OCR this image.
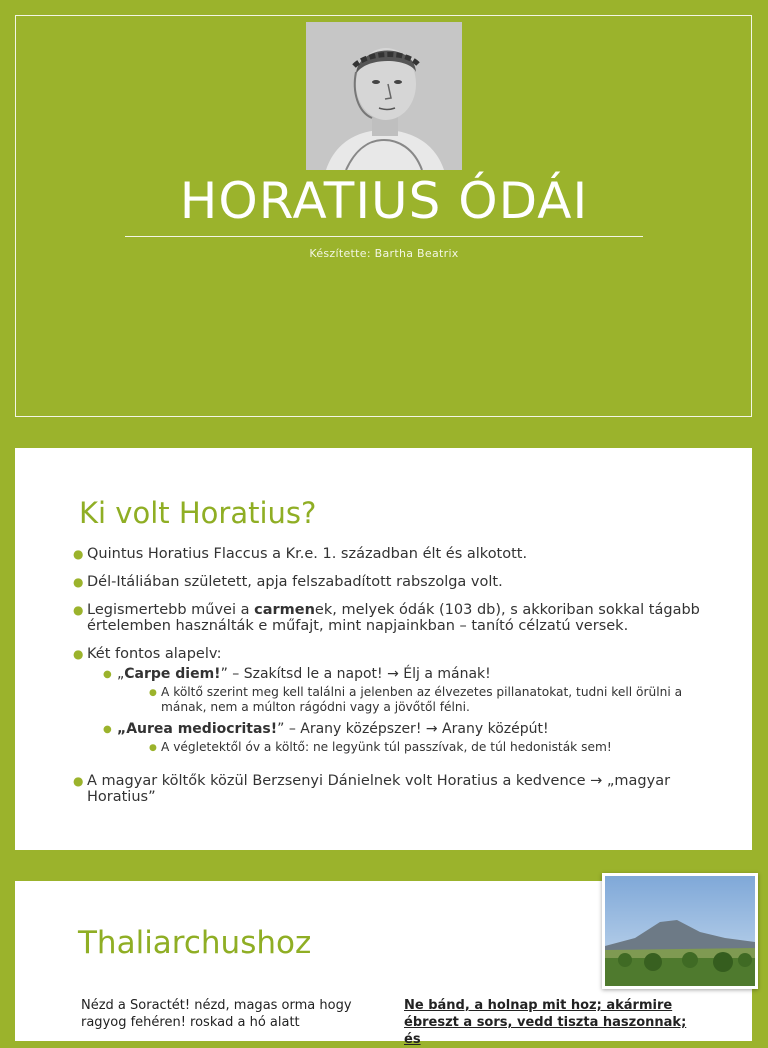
HORATIUS ÓDÁI
Készítette: Bartha Beatrix
Ki volt Horatius?
● Quintus Horatius Flaccus a Kr.e. 1. században élt és alkotott.
● Dél-Itáliában született, apja felszabadított rabszolga volt.
● Legismertebb művei a carmenek, melyek ódák (103 db), s akkoriban sokkal tágabb értelemben használták e műfajt, mint napjainkban – tanító célzatú versek.
● Két fontos alapelv:
● „Carpe diem!” – Szakítsd le a napot! → Élj a mának!
● A költő szerint meg kell találni a jelenben az élvezetes pillanatokat, tudni kell örülni a mának, nem a múlton rágódni vagy a jövőtől félni.
● „Aurea mediocritas!” – Arany középszer! → Arany középút!
● A végletektől óv a költő: ne legyünk túl passzívak, de túl hedonisták sem!
● A magyar költők közül Berzsenyi Dánielnek volt Horatius a kedvence → „magyar Horatius”
Thaliarchushoz
Nézd a Soractét! nézd, magas orma hogy ragyog fehéren! roskad a hó alatt
Ne bánd, a holnap mit hoz; akármire ébreszt a sors, vedd tiszta haszonnak; és
